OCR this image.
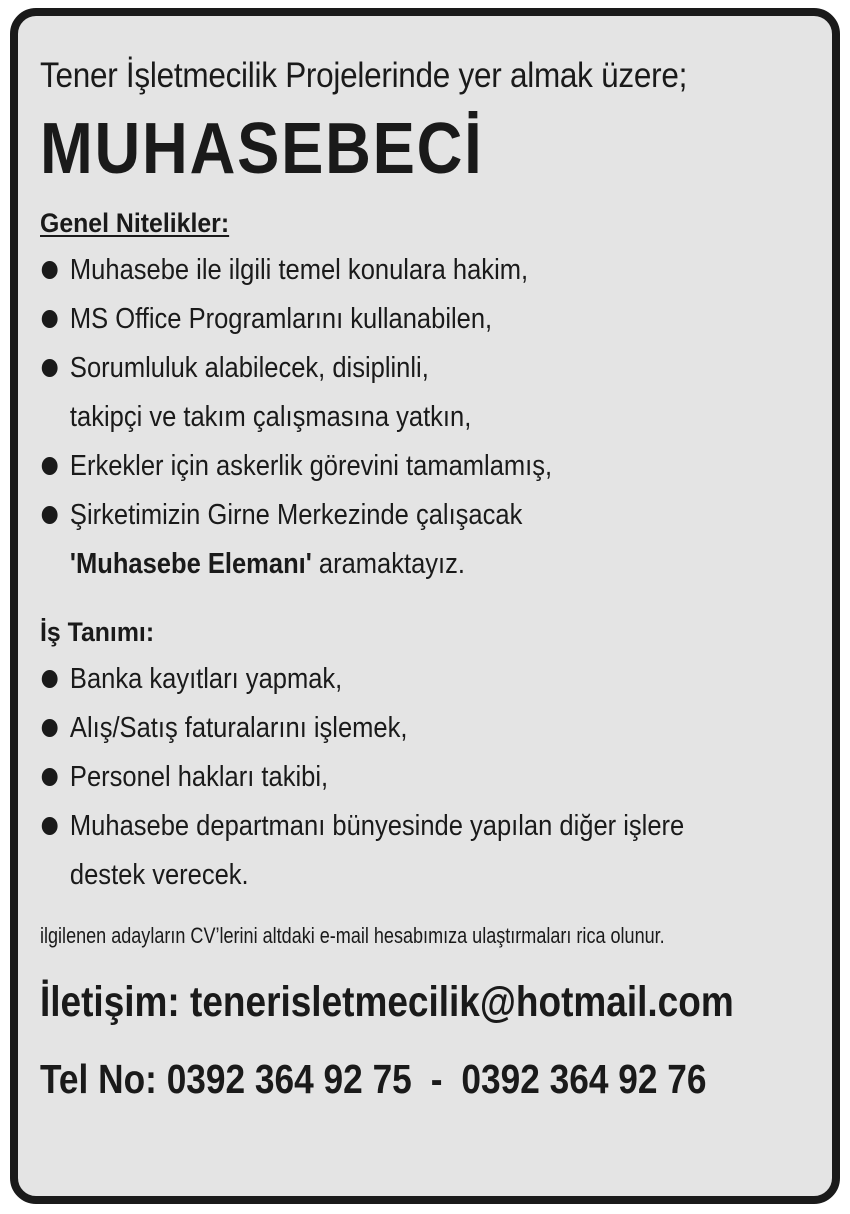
Tener İşletmecilik Projelerinde yer almak üzere;

MUHASEBECİ
Genel Nitelikler:
Muhasebe ile ilgili temel konulara hakim,
MS Office Programlarını kullanabilen,
Sorumluluk alabilecek, disiplinli,
takipçi ve takım çalışmasına yatkın,
Erkekler için askerlik görevini tamamlamış,
Şirketimizin Girne Merkezinde çalışacak
'Muhasebe Elemanı' aramaktayız.
İş Tanımı:
Banka kayıtları yapmak,
Alış/Satış faturalarını işlemek,
Personel hakları takibi,
Muhasebe departmanı bünyesinde yapılan diğer işlere
destek verecek.

ilgilenen adayların CV’lerini altdaki e-mail hesabımıza ulaştırmaları rica olunur.

İletişim: tenerisletmecilik@hotmail.com

Tel No: 0392 364 92 75 - 0392 364 92 76
